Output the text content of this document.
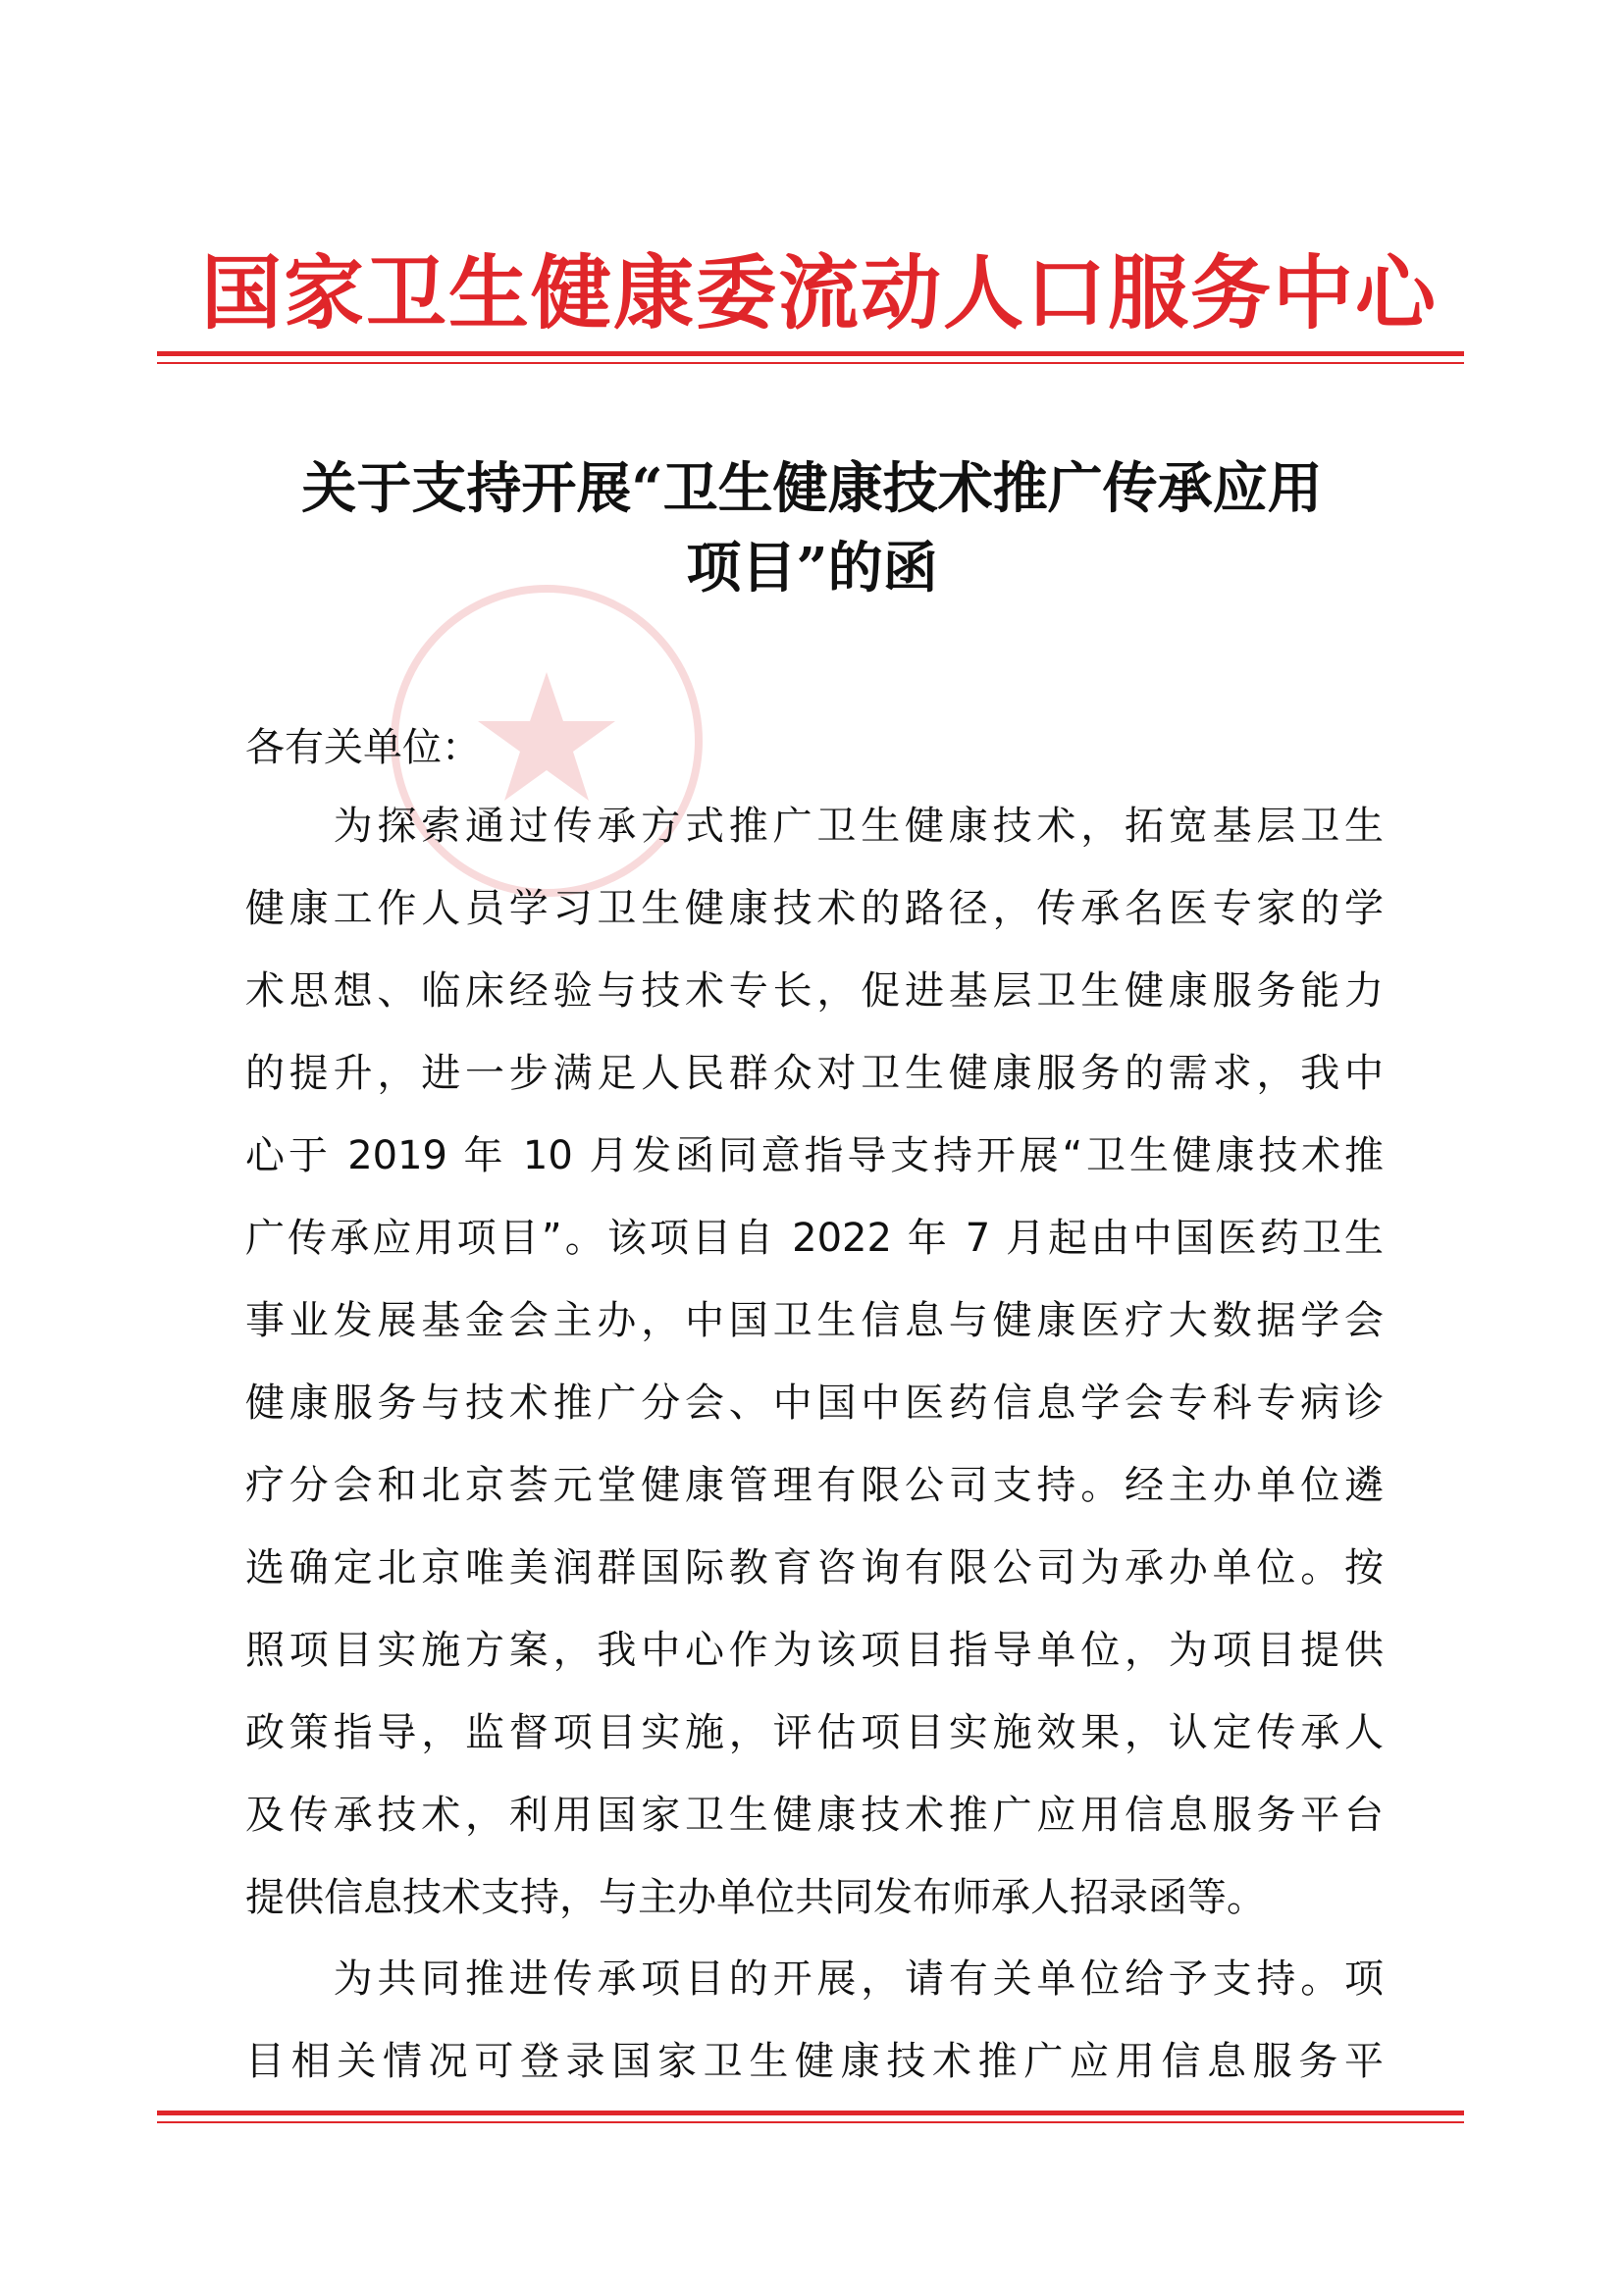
国家卫生健康委流动人口服务中心
关于支持开展“卫生健康技术推广传承应用
项目”的函
各有关单位：
　　为探索通过传承方式推广卫生健康技术，拓宽基层卫生
健康工作人员学习卫生健康技术的路径，传承名医专家的学
术思想、临床经验与技术专长，促进基层卫生健康服务能力
的提升，进一步满足人民群众对卫生健康服务的需求，我中
心于 2019 年 10 月发函同意指导支持开展“卫生健康技术推
广传承应用项目”。该项目自 2022 年 7 月起由中国医药卫生
事业发展基金会主办，中国卫生信息与健康医疗大数据学会
健康服务与技术推广分会、中国中医药信息学会专科专病诊
疗分会和北京荟元堂健康管理有限公司支持。经主办单位遴
选确定北京唯美润群国际教育咨询有限公司为承办单位。按
照项目实施方案，我中心作为该项目指导单位，为项目提供
政策指导，监督项目实施，评估项目实施效果，认定传承人
及传承技术，利用国家卫生健康技术推广应用信息服务平台
提供信息技术支持，与主办单位共同发布师承人招录函等。
　　为共同推进传承项目的开展，请有关单位给予支持。项
目相关情况可登录国家卫生健康技术推广应用信息服务平
